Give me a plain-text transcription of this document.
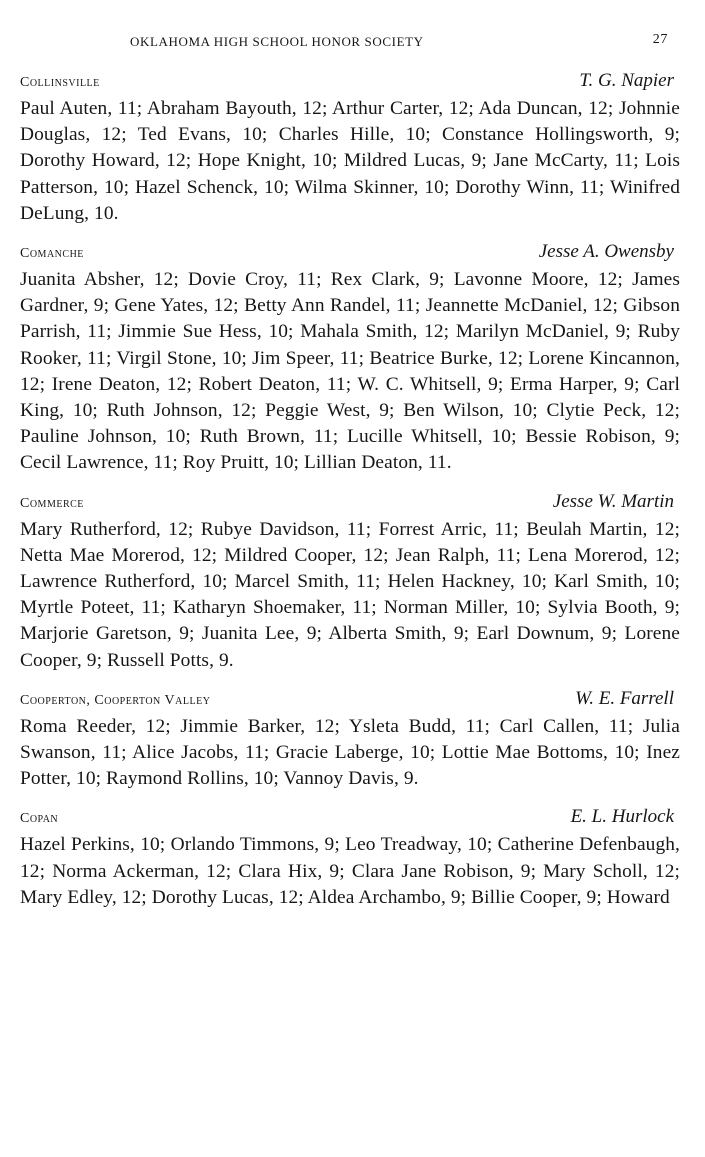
OKLAHOMA HIGH SCHOOL HONOR SOCIETY	27
Collinsville	T. G. Napier

Paul Auten, 11; Abraham Bayouth, 12; Arthur Carter, 12; Ada Duncan, 12; Johnnie Douglas, 12; Ted Evans, 10; Charles Hille, 10; Constance Hollingsworth, 9; Dorothy Howard, 12; Hope Knight, 10; Mildred Lucas, 9; Jane McCarty, 11; Lois Patterson, 10; Hazel Schenck, 10; Wilma Skinner, 10; Dorothy Winn, 11; Winifred DeLung, 10.

Comanche	Jesse A. Owensby

Juanita Absher, 12; Dovie Croy, 11; Rex Clark, 9; Lavonne Moore, 12; James Gardner, 9; Gene Yates, 12; Betty Ann Randel, 11; Jeannette McDaniel, 12; Gibson Parrish, 11; Jimmie Sue Hess, 10; Mahala Smith, 12; Marilyn McDaniel, 9; Ruby Rooker, 11; Virgil Stone, 10; Jim Speer, 11; Beatrice Burke, 12; Lorene Kincannon, 12; Irene Deaton, 12; Robert Deaton, 11; W. C. Whitsell, 9; Erma Harper, 9; Carl King, 10; Ruth Johnson, 12; Peggie West, 9; Ben Wilson, 10; Clytie Peck, 12; Pauline Johnson, 10; Ruth Brown, 11; Lucille Whitsell, 10; Bessie Robison, 9; Cecil Lawrence, 11; Roy Pruitt, 10; Lillian Deaton, 11.

Commerce	Jesse W. Martin

Mary Rutherford, 12; Rubye Davidson, 11; Forrest Arric, 11; Beulah Martin, 12; Netta Mae Morerod, 12; Mildred Cooper, 12; Jean Ralph, 11; Lena Morerod, 12; Lawrence Rutherford, 10; Marcel Smith, 11; Helen Hackney, 10; Karl Smith, 10; Myrtle Poteet, 11; Katharyn Shoemaker, 11; Norman Miller, 10; Sylvia Booth, 9; Marjorie Garetson, 9; Juanita Lee, 9; Alberta Smith, 9; Earl Downum, 9; Lorene Cooper, 9; Russell Potts, 9.

Cooperton, Cooperton Valley	W. E. Farrell

Roma Reeder, 12; Jimmie Barker, 12; Ysleta Budd, 11; Carl Callen, 11; Julia Swanson, 11; Alice Jacobs, 11; Gracie Laberge, 10; Lottie Mae Bottoms, 10; Inez Potter, 10; Raymond Rollins, 10; Vannoy Davis, 9.

Copan	E. L. Hurlock

Hazel Perkins, 10; Orlando Timmons, 9; Leo Treadway, 10; Catherine Defenbaugh, 12; Norma Ackerman, 12; Clara Hix, 9; Clara Jane Robison, 9; Mary Scholl, 12; Mary Edley, 12; Dorothy Lucas, 12; Aldea Archambo, 9; Billie Cooper, 9; Howard
